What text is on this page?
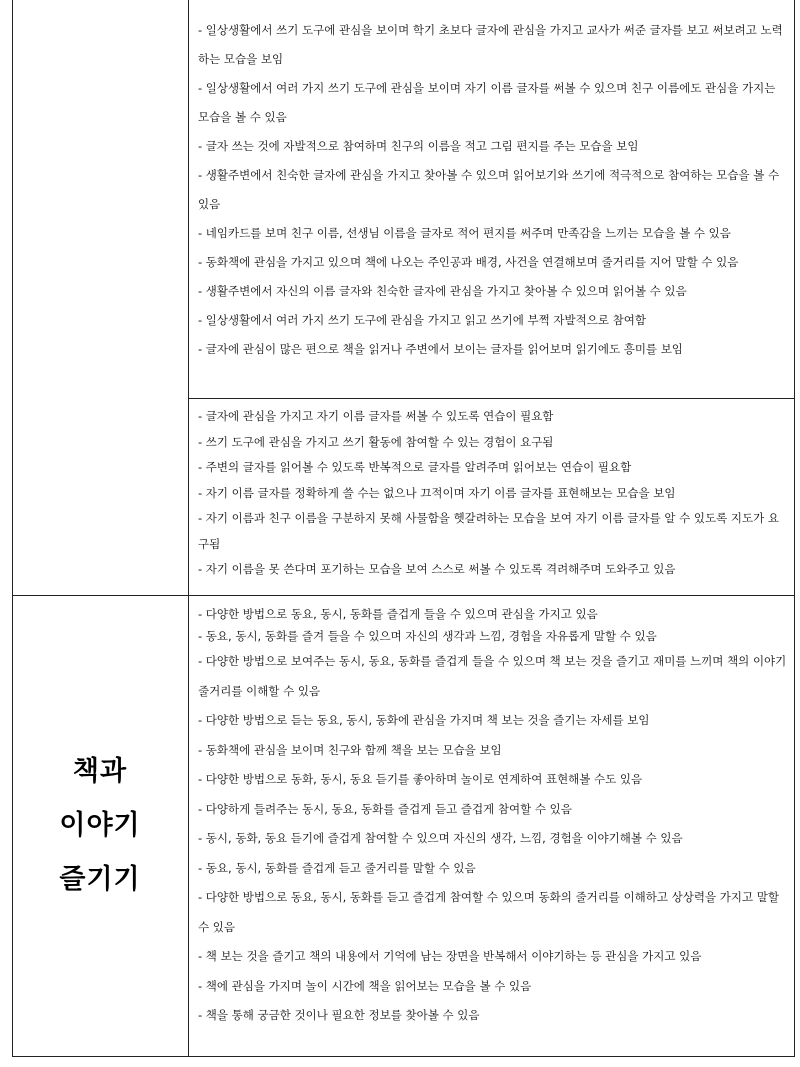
책과
이야기
즐기기
- 일상생활에서 쓰기 도구에 관심을 보이며 학기 초보다 글자에 관심을 가지고 교사가 써준 글자를 보고 써보려고 노력하는 모습을 보임
- 일상생활에서 여러 가지 쓰기 도구에 관심을 보이며 자기 이름 글자를 써볼 수 있으며 친구 이름에도 관심을 가지는 모습을 볼 수 있음
- 글자 쓰는 것에 자발적으로 참여하며 친구의 이름을 적고 그림 편지를 주는 모습을 보임
- 생활주변에서 친숙한 글자에 관심을 가지고 찾아볼 수 있으며 읽어보기와 쓰기에 적극적으로 참여하는 모습을 볼 수 있음
- 네임카드를 보며 친구 이름, 선생님 이름을 글자로 적어 편지를 써주며 만족감을 느끼는 모습을 볼 수 있음
- 동화책에 관심을 가지고 있으며 책에 나오는 주인공과 배경, 사건을 연결해보며 줄거리를 지어 말할 수 있음
- 생활주변에서 자신의 이름 글자와 친숙한 글자에 관심을 가지고 찾아볼 수 있으며 읽어볼 수 있음
- 일상생활에서 여러 가지 쓰기 도구에 관심을 가지고 읽고 쓰기에 부쩍 자발적으로 참여함
- 글자에 관심이 많은 편으로 책을 읽거나 주변에서 보이는 글자를 읽어보며 읽기에도 흥미를 보임
- 글자에 관심을 가지고 자기 이름 글자를 써볼 수 있도록 연습이 필요함
- 쓰기 도구에 관심을 가지고 쓰기 활동에 참여할 수 있는 경험이 요구됨
- 주변의 글자를 읽어볼 수 있도록 반복적으로 글자를 알려주며 읽어보는 연습이 필요함
- 자기 이름 글자를 정확하게 쓸 수는 없으나 끄적이며 자기 이름 글자를 표현해보는 모습을 보임
- 자기 이름과 친구 이름을 구분하지 못해 사물함을 헷갈려하는 모습을 보여 자기 이름 글자를 알 수 있도록 지도가 요구됨
- 자기 이름을 못 쓴다며 포기하는 모습을 보여 스스로 써볼 수 있도록 격려해주며 도와주고 있음
- 다양한 방법으로 동요, 동시, 동화를 즐겁게 들을 수 있으며 관심을 가지고 있음
- 동요, 동시, 동화를 즐겨 들을 수 있으며 자신의 생각과 느낌, 경험을 자유롭게 말할 수 있음
- 다양한 방법으로 보여주는 동시, 동요, 동화를 즐겁게 들을 수 있으며 책 보는 것을 즐기고 재미를 느끼며 책의 이야기 줄거리를 이해할 수 있음
- 다양한 방법으로 듣는 동요, 동시, 동화에 관심을 가지며 책 보는 것을 즐기는 자세를 보임
- 동화책에 관심을 보이며 친구와 함께 책을 보는 모습을 보임
- 다양한 방법으로 동화, 동시, 동요 듣기를 좋아하며 놀이로 연계하여 표현해볼 수도 있음
- 다양하게 들려주는 동시, 동요, 동화를 즐겁게 듣고 즐겁게 참여할 수 있음
- 동시, 동화, 동요 듣기에 즐겁게 참여할 수 있으며 자신의 생각, 느낌, 경험을 이야기해볼 수 있음
- 동요, 동시, 동화를 즐겁게 듣고 줄거리를 말할 수 있음
- 다양한 방법으로 동요, 동시, 동화를 듣고 즐겁게 참여할 수 있으며 동화의 줄거리를 이해하고 상상력을 가지고 말할 수 있음
- 책 보는 것을 즐기고 책의 내용에서 기억에 남는 장면을 반복해서 이야기하는 등 관심을 가지고 있음
- 책에 관심을 가지며 놀이 시간에 책을 읽어보는 모습을 볼 수 있음
- 책을 통해 궁금한 것이나 필요한 정보를 찾아볼 수 있음
